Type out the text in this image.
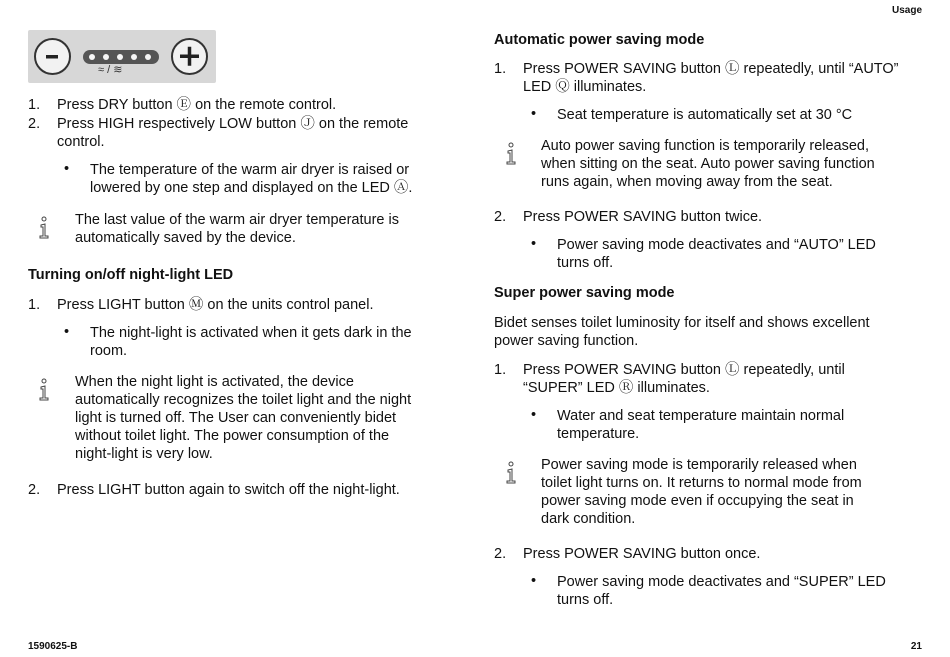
Usage
1590625-B	21
≈ / ≋
1. Press DRY button Ⓔ on the remote control.
2. Press HIGH respectively LOW button Ⓙ on the remote
control.
• The temperature of the warm air dryer is raised or
lowered by one step and displayed on the LED Ⓐ.
The last value of the warm air dryer temperature is
automatically saved by the device.
Turning on/off night-light LED
1. Press LIGHT button Ⓜ on the units control panel.
• The night-light is activated when it gets dark in the
room.
When the night light is activated, the device
automatically recognizes the toilet light and the night
light is turned off. The User can conveniently bidet
without toilet light. The power consumption of the
night-light is very low.
2. Press LIGHT button again to switch off the night-light.
Automatic power saving mode
1. Press POWER SAVING button Ⓛ repeatedly, until “AUTO”
LED Ⓠ illuminates.
• Seat temperature is automatically set at 30 °C
Auto power saving function is temporarily released,
when sitting on the seat. Auto power saving function
runs again, when moving away from the seat.
2. Press POWER SAVING button twice.
• Power saving mode deactivates and “AUTO” LED
turns off.
Super power saving mode
Bidet senses toilet luminosity for itself and shows excellent
power saving function.
1. Press POWER SAVING button Ⓛ repeatedly, until
“SUPER” LED Ⓡ illuminates.
• Water and seat temperature maintain normal
temperature.
Power saving mode is temporarily released when
toilet light turns on. It returns to normal mode from
power saving mode even if occupying the seat in
dark condition.
2. Press POWER SAVING button once.
• Power saving mode deactivates and “SUPER” LED
turns off.
